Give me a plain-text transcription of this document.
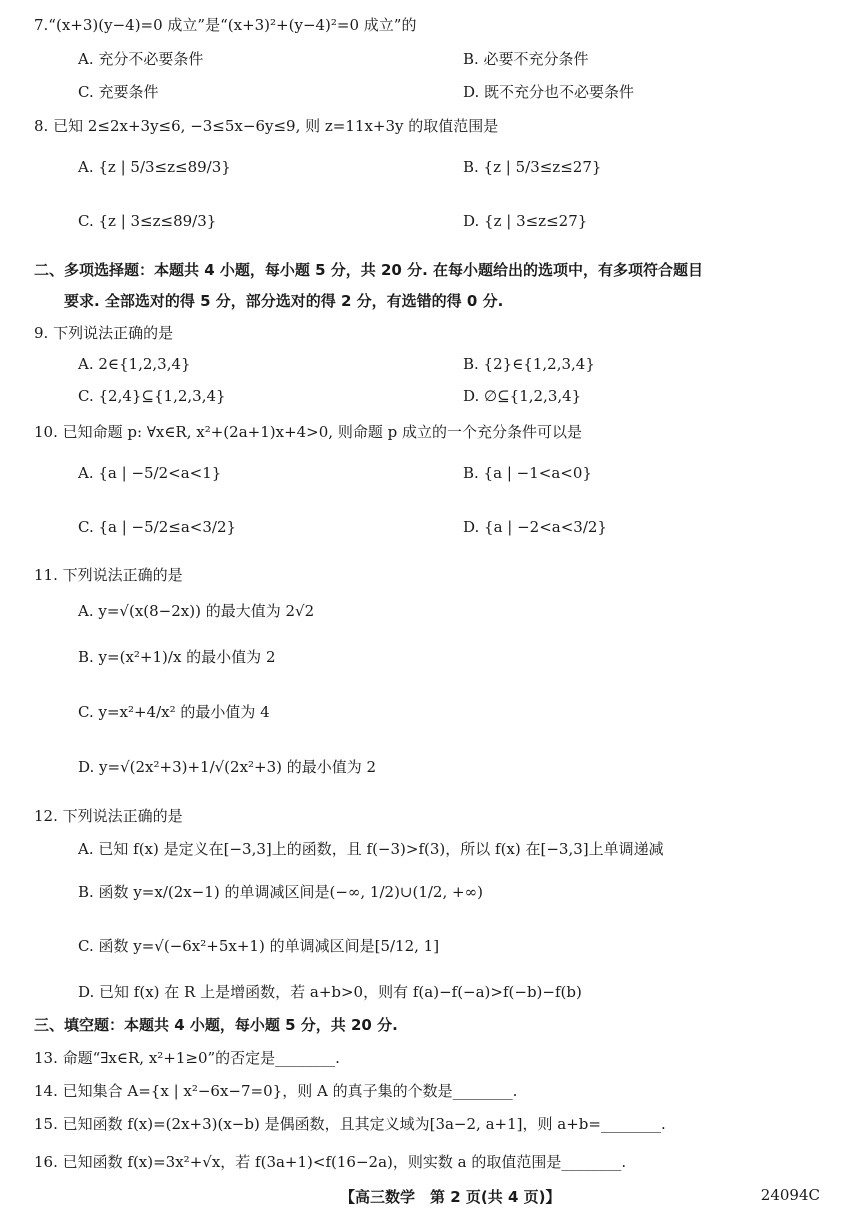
7.“(x+3)(y−4)=0 成立”是“(x+3)²+(y−4)²=0 成立”的
A. 充分不必要条件	B. 必要不充分条件
C. 充要条件	D. 既不充分也不必要条件
8. 已知 2≤2x+3y≤6, −3≤5x−6y≤9, 则 z=11x+3y 的取值范围是
A. {z | 5/3≤z≤89/3}	B. {z | 5/3≤z≤27}
C. {z | 3≤z≤89/3}	D. {z | 3≤z≤27}
二、多项选择题：本题共 4 小题，每小题 5 分，共 20 分. 在每小题给出的选项中，有多项符合题目
要求. 全部选对的得 5 分，部分选对的得 2 分，有选错的得 0 分.
9. 下列说法正确的是
A. 2∈{1,2,3,4}	B. {2}∈{1,2,3,4}
C. {2,4}⊆{1,2,3,4}	D. ∅⊆{1,2,3,4}
10. 已知命题 p: ∀x∈R, x²+(2a+1)x+4>0, 则命题 p 成立的一个充分条件可以是
A. {a | −5/2<a<1}	B. {a | −1<a<0}
C. {a | −5/2≤a<3/2}	D. {a | −2<a<3/2}
11. 下列说法正确的是
A. y=√(x(8−2x)) 的最大值为 2√2
B. y=(x²+1)/x 的最小值为 2
C. y=x²+4/x² 的最小值为 4
D. y=√(2x²+3)+1/√(2x²+3) 的最小值为 2
12. 下列说法正确的是
A. 已知 f(x) 是定义在[−3,3]上的函数，且 f(−3)>f(3)，所以 f(x) 在[−3,3]上单调递减
B. 函数 y=x/(2x−1) 的单调减区间是(−∞, 1/2)∪(1/2, +∞)
C. 函数 y=√(−6x²+5x+1) 的单调减区间是[5/12, 1]
D. 已知 f(x) 在 R 上是增函数，若 a+b>0，则有 f(a)−f(−a)>f(−b)−f(b)
三、填空题：本题共 4 小题，每小题 5 分，共 20 分.
13. 命题“∃x∈R, x²+1≥0”的否定是________.
14. 已知集合 A={x | x²−6x−7=0}，则 A 的真子集的个数是________.
15. 已知函数 f(x)=(2x+3)(x−b) 是偶函数，且其定义域为[3a−2, a+1]，则 a+b=________.
16. 已知函数 f(x)=3x²+√x，若 f(3a+1)<f(16−2a)，则实数 a 的取值范围是________.
【高三数学　第 2 页(共 4 页)】	24094C
